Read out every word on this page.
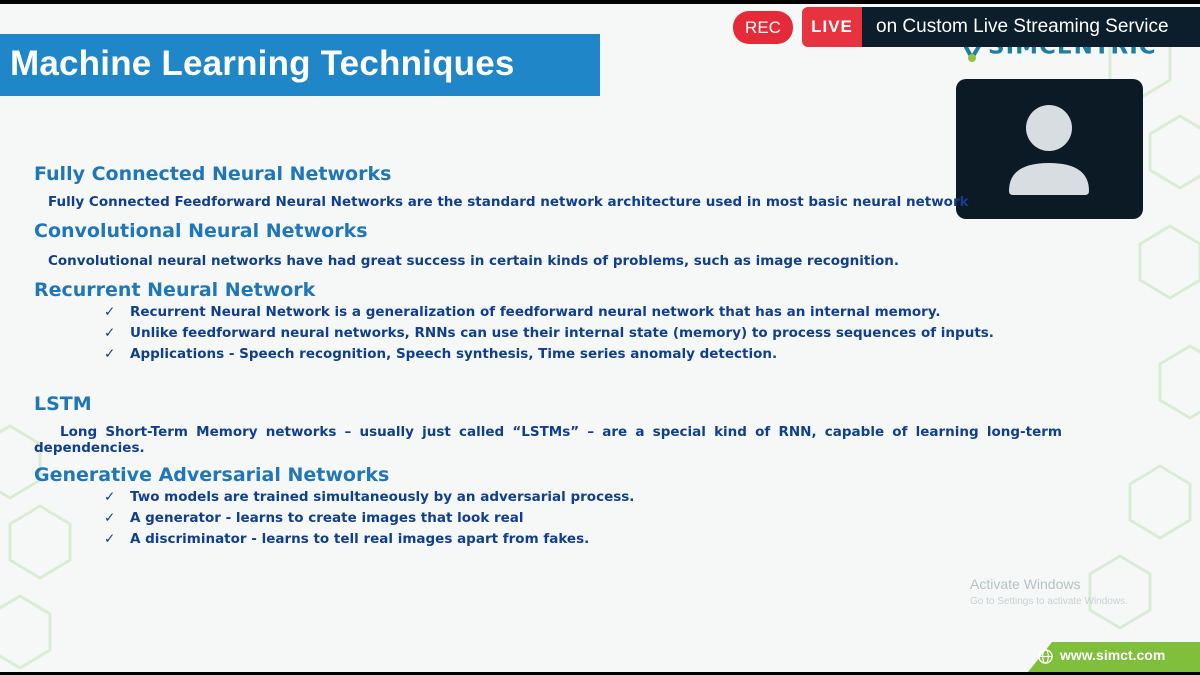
Machine Learning Techniques
REC	LIVE	on Custom Live Streaming Service
Fully Connected Neural Networks
Fully Connected Feedforward Neural Networks are the standard network architecture used in most basic neural network
Convolutional Neural Networks
Convolutional neural networks have had great success in certain kinds of problems, such as image recognition.
Recurrent Neural Network
✓ Recurrent Neural Network is a generalization of feedforward neural network that has an internal memory.
✓ Unlike feedforward neural networks, RNNs can use their internal state (memory) to process sequences of inputs.
✓ Applications - Speech recognition, Speech synthesis, Time series anomaly detection.
LSTM
Long Short-Term Memory networks – usually just called “LSTMs” – are a special kind of RNN, capable of learning long-term dependencies.
Generative Adversarial Networks
✓ Two models are trained simultaneously by an adversarial process.
✓ A generator - learns to create images that look real
✓ A discriminator - learns to tell real images apart from fakes.
Activate Windows
Go to Settings to activate Windows.
www.simct.com
